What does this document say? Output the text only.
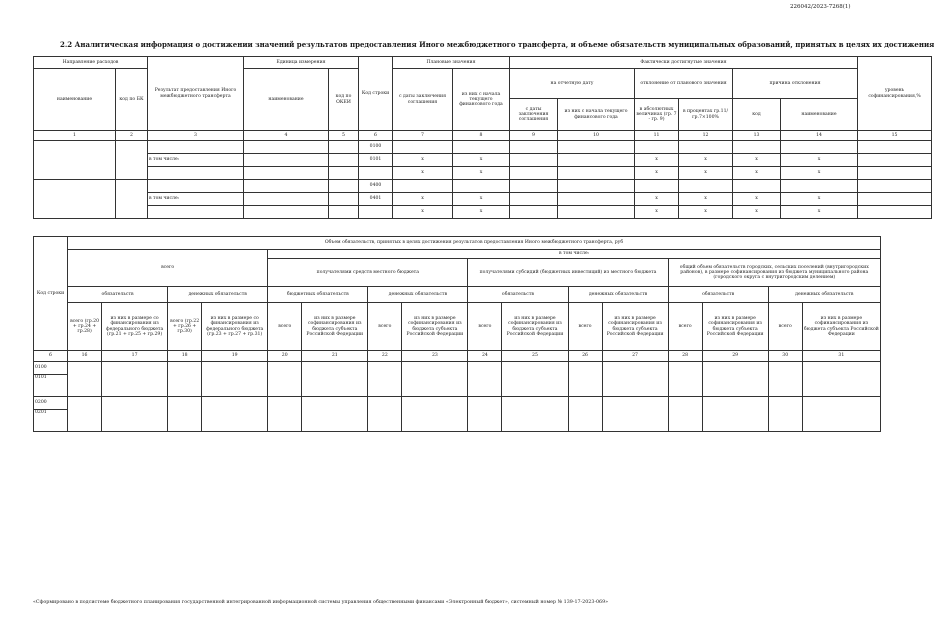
226042/2023-7268(1)
2.2 Аналитическая информация о достижении значений результатов предоставления Иного межбюджетного трансферта, и объеме обязательств муниципальных образований, принятых в целях их достижения
Направление расходов		Результат предоставления Иного межбюджетного трансферта	Единица измерения		Код строки	Плановые значения		Фактически достигнутые значения						уровень софинансирования,%
наименование	код по БК		наименование	код по ОКЕИ		с даты заключения соглашения	из них с начала текущего финансового года	на отчетную дату		отклонение от планового значения		причина отклонения		
								с даты заключения соглашения	из них с начала текущего финансового года	в абсолютных величинах (гр. 7 - гр. 9)	в процентах гр.11/гр.7×100%	код	наименование	
1	2	3	4	5	6	7	8	9	10	11	12	13	14	15
					0100									
		в том числе:			0101	x	x			x	x	x	x	
						x	x			x	x	x	x	
					0400									
		в том числе:			0401	x	x			x	x	x	x	
						x	x			x	x	x	x	
Код строки	Объем обязательств, принятых в целях достижения результатов предоставления Иного межбюджетного трансферта, руб															
	всего				в том числе:											
					получателями средств местного бюджета				получателями субсидий (бюджетных инвестиций) из местного бюджета				общий объем обязательств городских, сельских поселений (внутригородских районов), в размере софинансирования из бюджета муниципального района (городского округа с внутригородским делением)			
	обязательств		денежных обязательств		бюджетных обязательств		денежных обязательств		обязательств		денежных обязательств		обязательств		денежных обязательств	
	всего (гр.20 + гр.24 + гр.28)	из них в размере со финансирования из федерального бюджета (гр.21 + гр.25 + гр.29)	всего (гр.22 + гр.26 + гр.30)	из них в размере со финансирования из федерального бюджета (гр.23 + гр.27 + гр.31)	всего	из них в размере софинансирования из бюджета субъекта Российской Федерации	всего	из них в размере софинансирования из бюджета субъекта Российской Федерации	всего	из них в размере софинансирования из бюджета субъекта Российской Федерации	всего	из них в размере софинансирования из бюджета субъекта Российской Федерации	всего	из них в размере софинансирования из бюджета субъекта Российской Федерации	всего	из них в размере софинансирования из бюджета субъекта Российской Федерации
6	16	17	18	19	20	21	22	23	24	25	26	27	28	29	30	31
0100																
0101																
0200																
0201																
«Сформировано в подсистеме бюджетного планирования государственной интегрированной информационной системы управления общественными финансами «Электронный бюджет», системный номер № 139-17-2023-069»
